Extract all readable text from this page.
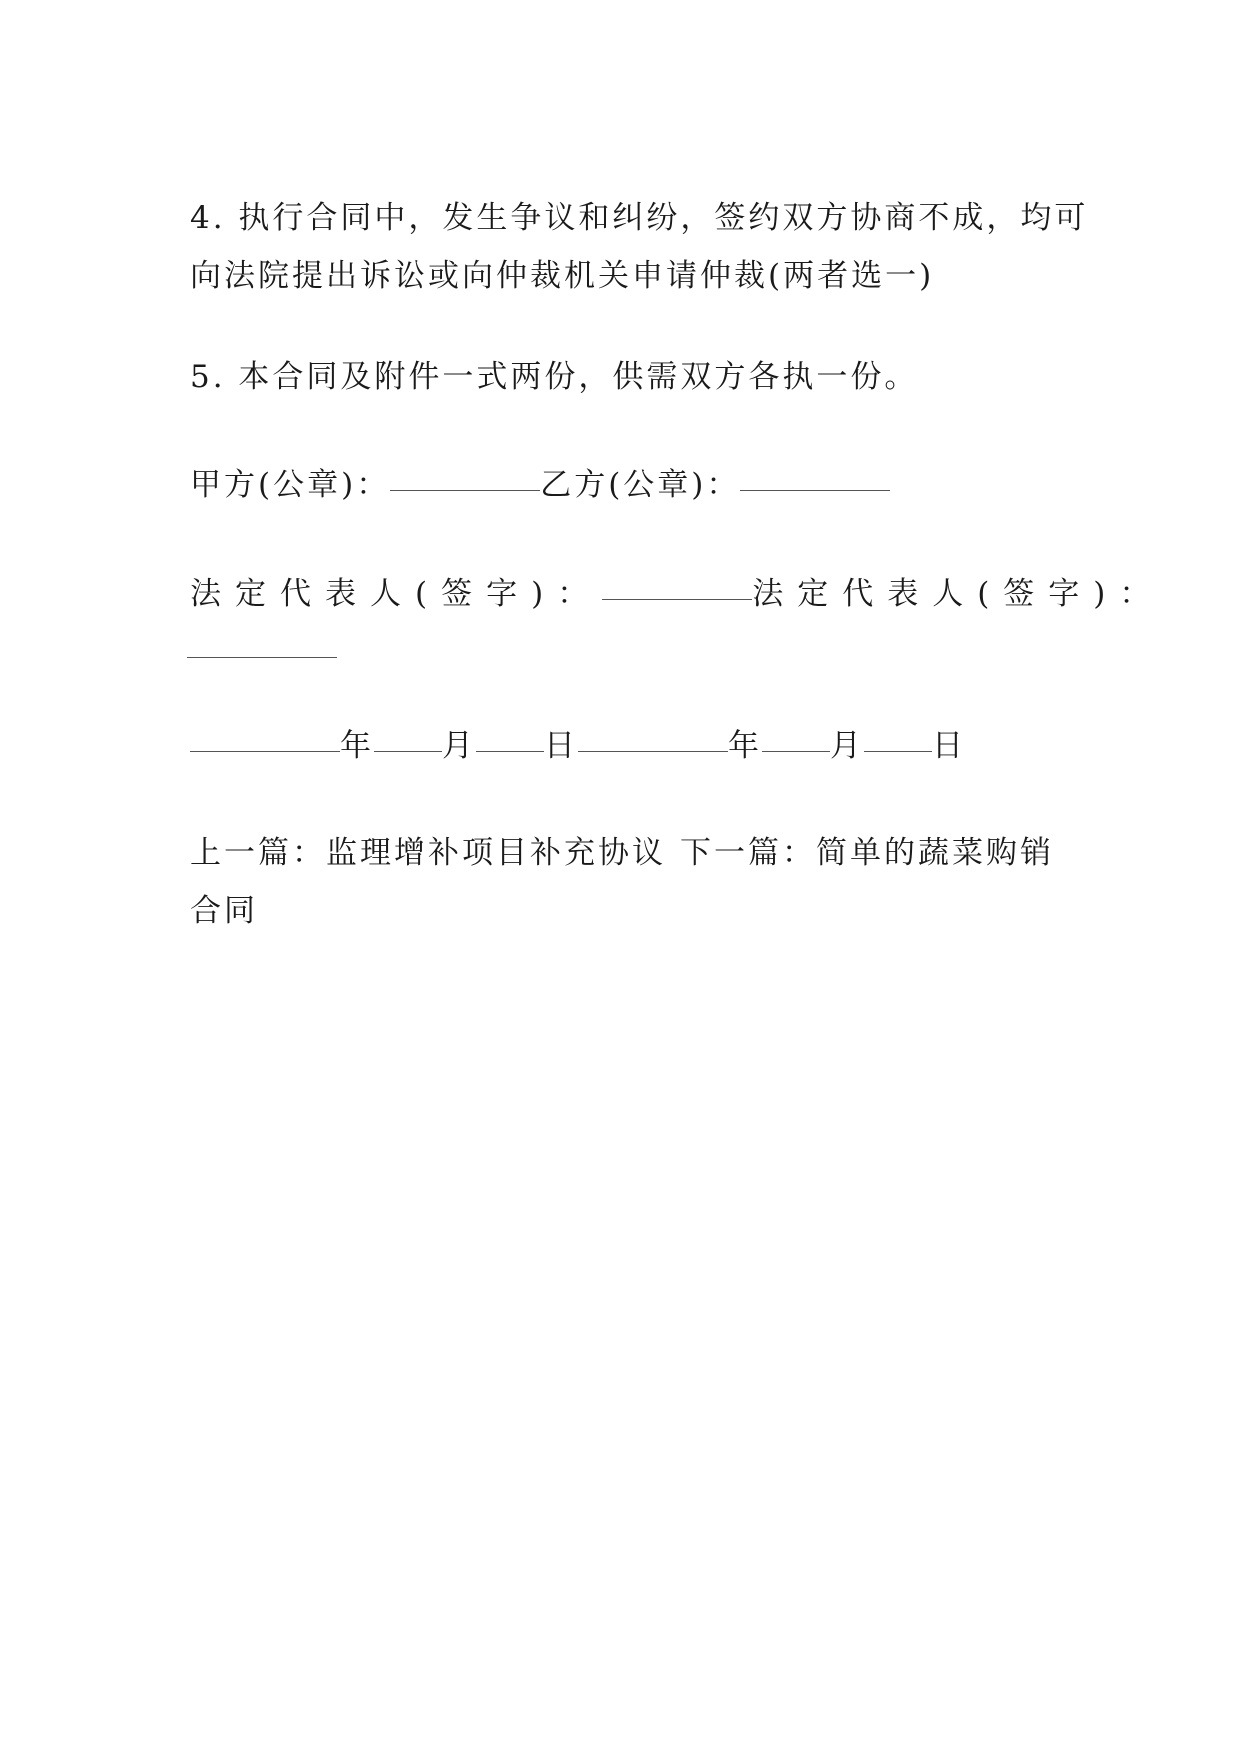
4. 执行合同中，发生争议和纠纷，签约双方协商不成，均可
向法院提出诉讼或向仲裁机关申请仲裁(两者选一)
5. 本合同及附件一式两份，供需双方各执一份。
甲方(公章)：	乙方(公章)：
法定代表人(签字)：	法定代表人(签字)：
年 月 日	年 月 日
上一篇：监理增补项目补充协议 下一篇：简单的蔬菜购销
合同
